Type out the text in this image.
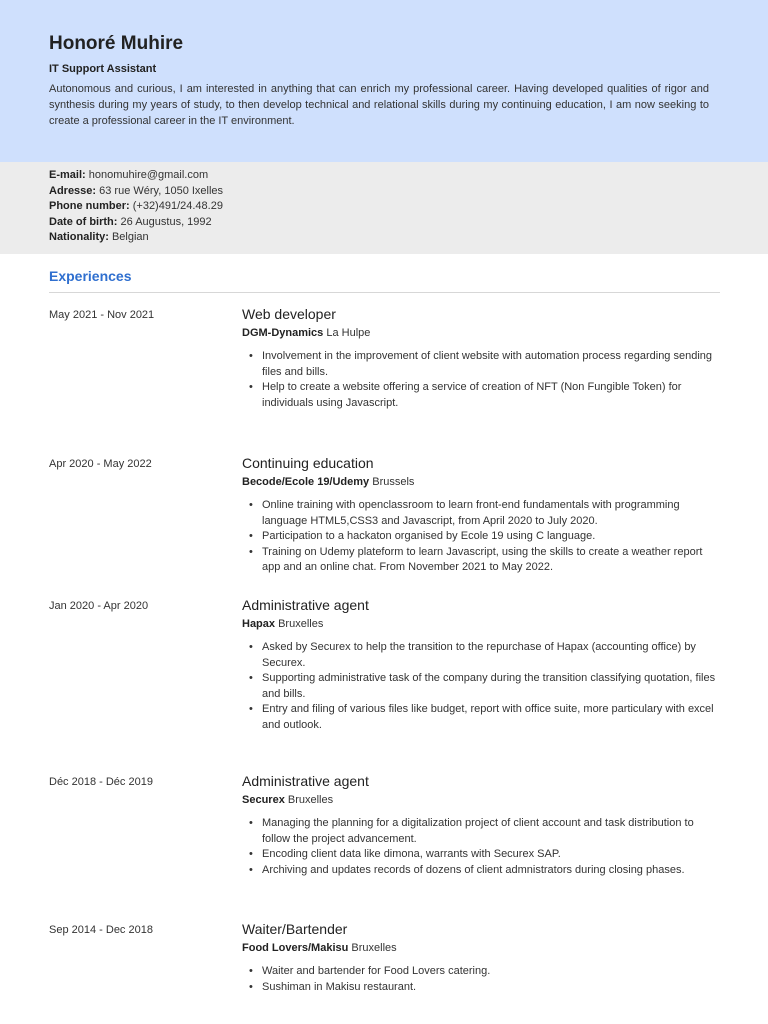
Honoré Muhire
IT Support Assistant
Autonomous and curious, I am interested in anything that can enrich my professional career. Having developed qualities of rigor and synthesis during my years of study, to then develop technical and relational skills during my continuing education, I am now seeking to create a professional career in the IT environment.
E-mail: honomuhire@gmail.com
Adresse: 63 rue Wéry, 1050 Ixelles
Phone number: (+32)491/24.48.29
Date of birth: 26 Augustus, 1992
Nationality: Belgian
Experiences
May 2021 - Nov 2021	Web developer
DGM-Dynamics La Hulpe
• Involvement in the improvement of client website with automation process regarding sending files and bills.
• Help to create a website offering a service of creation of NFT (Non Fungible Token) for individuals using Javascript.
Apr 2020 - May 2022	Continuing education
Becode/Ecole 19/Udemy Brussels
• Online training with openclassroom to learn front-end fundamentals with programming language HTML5,CSS3 and Javascript, from April 2020 to July 2020.
• Participation to a hackaton organised by Ecole 19 using C language.
• Training on Udemy plateform to learn Javascript, using the skills to create a weather report app and an online chat. From November 2021 to May 2022.
Jan 2020 - Apr 2020	Administrative agent
Hapax Bruxelles
• Asked by Securex to help the transition to the repurchase of Hapax (accounting office) by Securex.
• Supporting administrative task of the company during the transition classifying quotation, files and bills.
• Entry and filing of various files like budget, report with office suite, more particulary with excel and outlook.
Déc 2018 - Déc 2019	Administrative agent
Securex Bruxelles
• Managing the planning for a digitalization project of client account and task distribution to follow the project advancement.
• Encoding client data like dimona, warrants with Securex SAP.
• Archiving and updates records of dozens of client admnistrators during closing phases.
Sep 2014 - Dec 2018	Waiter/Bartender
Food Lovers/Makisu Bruxelles
• Waiter and bartender for Food Lovers catering.
• Sushiman in Makisu restaurant.
